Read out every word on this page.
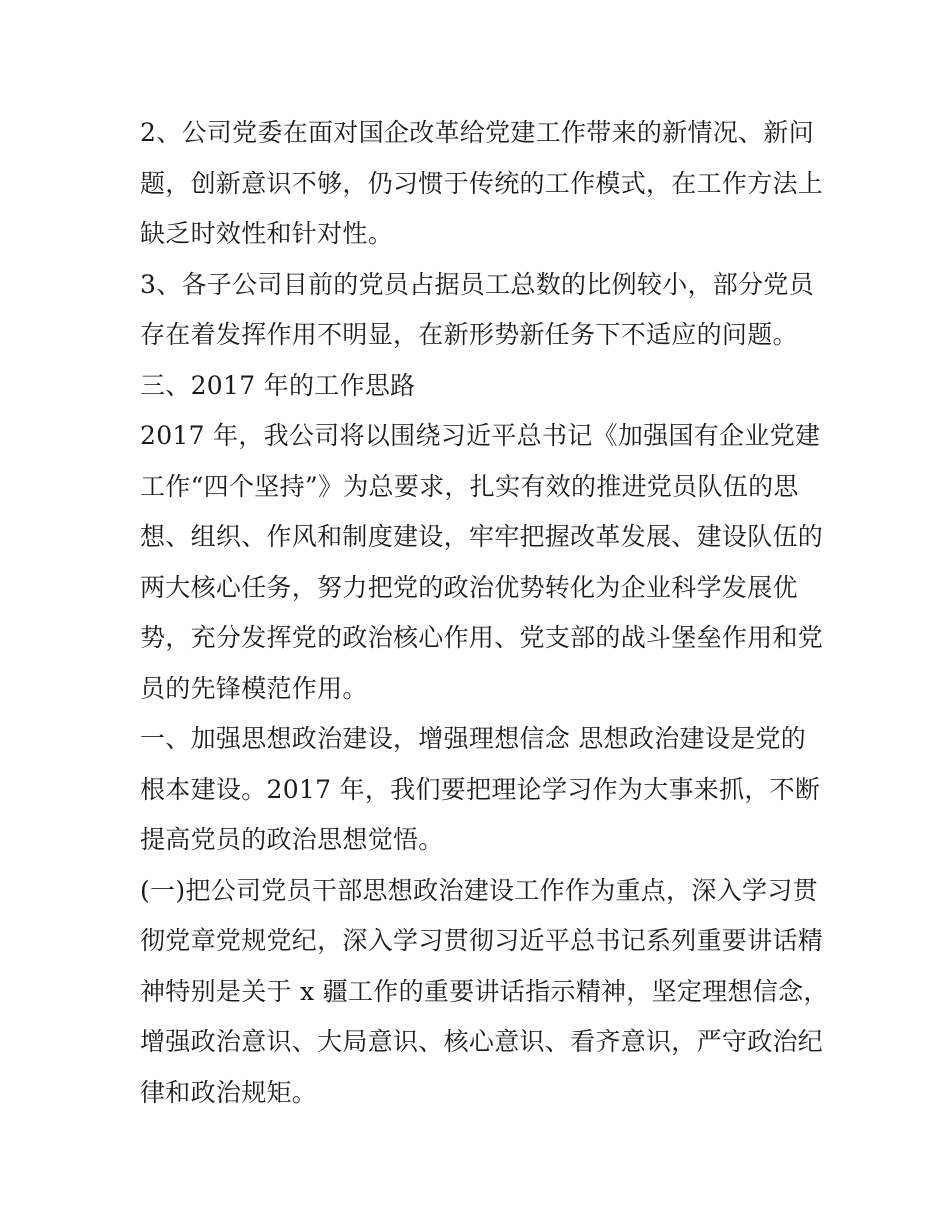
2、公司党委在面对国企改革给党建工作带来的新情况、新问
题，创新意识不够，仍习惯于传统的工作模式，在工作方法上
缺乏时效性和针对性。
3、各子公司目前的党员占据员工总数的比例较小，部分党员
存在着发挥作用不明显，在新形势新任务下不适应的问题。
三、2017 年的工作思路
2017 年，我公司将以围绕习近平总书记《加强国有企业党建
工作“四个坚持”》为总要求，扎实有效的推进党员队伍的思
想、组织、作风和制度建设，牢牢把握改革发展、建设队伍的
两大核心任务，努力把党的政治优势转化为企业科学发展优
势，充分发挥党的政治核心作用、党支部的战斗堡垒作用和党
员的先锋模范作用。
一、加强思想政治建设，增强理想信念 思想政治建设是党的
根本建设。2017 年，我们要把理论学习作为大事来抓，不断
提高党员的政治思想觉悟。
(一)把公司党员干部思想政治建设工作作为重点，深入学习贯
彻党章党规党纪，深入学习贯彻习近平总书记系列重要讲话精
神特别是关于 x 疆工作的重要讲话指示精神，坚定理想信念，
增强政治意识、大局意识、核心意识、看齐意识，严守政治纪
律和政治规矩。
